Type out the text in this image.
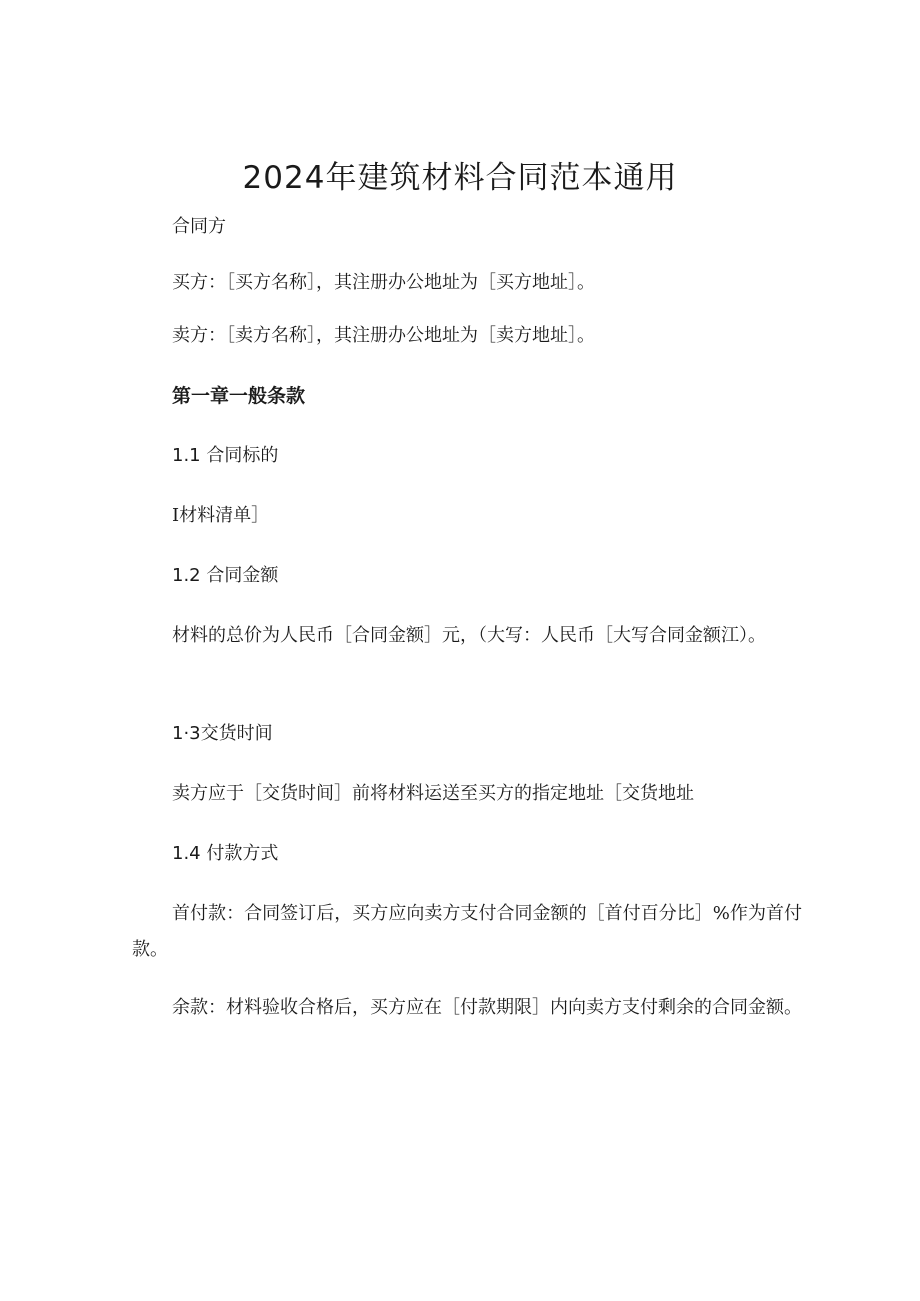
2024年建筑材料合同范本通用

合同方

买方：［买方名称］，其注册办公地址为［买方地址］。

卖方：［卖方名称］，其注册办公地址为［卖方地址］。

第一章一般条款

1.1 合同标的

I材料清单］

1.2 合同金额

材料的总价为人民币［合同金额］元，（大写：人民币［大写合同金额江）。

1·3交货时间

卖方应于［交货时间］前将材料运送至买方的指定地址［交货地址

1.4 付款方式

首付款：合同签订后，买方应向卖方支付合同金额的［首付百分比］%作为首付款。

余款：材料验收合格后，买方应在［付款期限］内向卖方支付剩余的合同金额。
